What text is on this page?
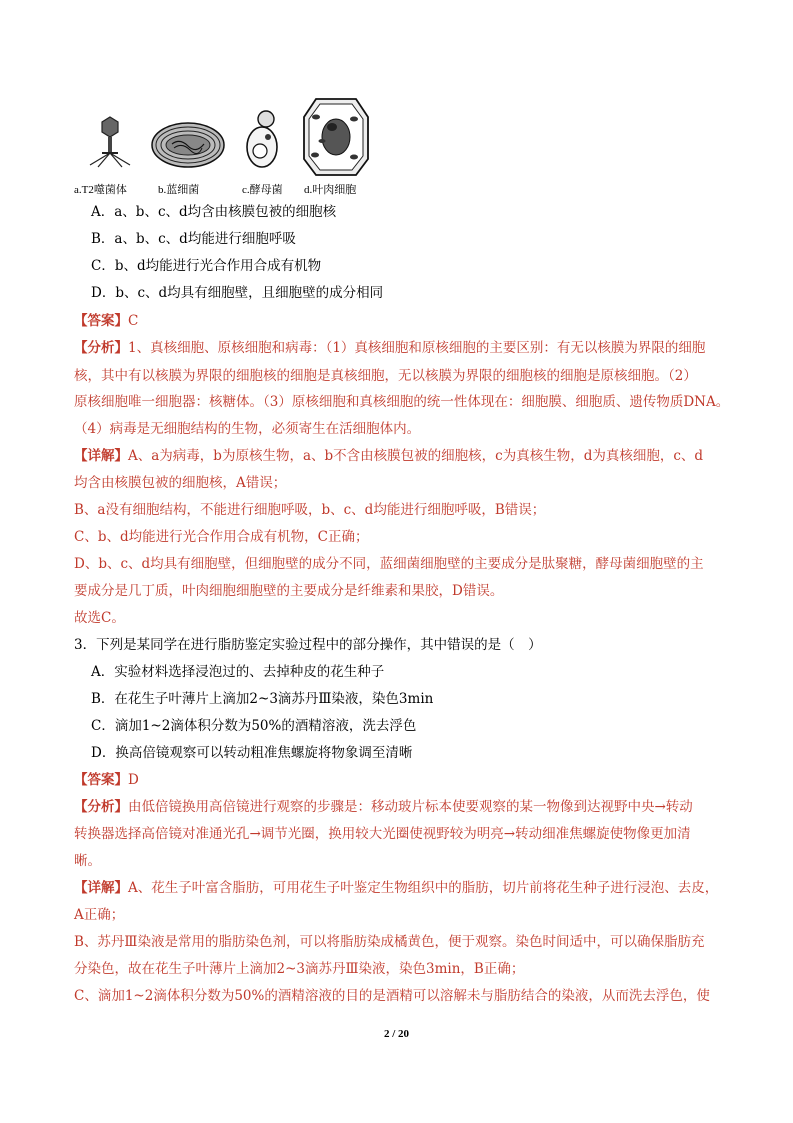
a.T2噬菌体	b.蓝细菌	c.酵母菌 d.叶肉细胞
A．a、b、c、d均含由核膜包被的细胞核
B．a、b、c、d均能进行细胞呼吸
C．b、d均能进行光合作用合成有机物
D．b、c、d均具有细胞壁，且细胞壁的成分相同
【答案】C
【分析】1、真核细胞、原核细胞和病毒：（1）真核细胞和原核细胞的主要区别：有无以核膜为界限的细胞
核，其中有以核膜为界限的细胞核的细胞是真核细胞，无以核膜为界限的细胞核的细胞是原核细胞。（2）
原核细胞唯一细胞器：核糖体。（3）原核细胞和真核细胞的统一性体现在：细胞膜、细胞质、遗传物质DNA。
（4）病毒是无细胞结构的生物，必须寄生在活细胞体内。
【详解】A、a为病毒，b为原核生物，a、b不含由核膜包被的细胞核，c为真核生物，d为真核细胞，c、d
均含由核膜包被的细胞核，A错误；
B、a没有细胞结构，不能进行细胞呼吸，b、c、d均能进行细胞呼吸，B错误；
C、b、d均能进行光合作用合成有机物，C正确；
D、b、c、d均具有细胞壁，但细胞壁的成分不同，蓝细菌细胞壁的主要成分是肽聚糖，酵母菌细胞壁的主
要成分是几丁质，叶肉细胞细胞壁的主要成分是纤维素和果胶，D错误。
故选C。
3．下列是某同学在进行脂肪鉴定实验过程中的部分操作，其中错误的是（　）
A．实验材料选择浸泡过的、去掉种皮的花生种子
B．在花生子叶薄片上滴加2~3滴苏丹Ⅲ染液，染色3min
C．滴加1~2滴体积分数为50%的酒精溶液，洗去浮色
D．换高倍镜观察可以转动粗准焦螺旋将物象调至清晰
【答案】D
【分析】由低倍镜换用高倍镜进行观察的步骤是：移动玻片标本使要观察的某一物像到达视野中央→转动
转换器选择高倍镜对准通光孔→调节光圈，换用较大光圈使视野较为明亮→转动细准焦螺旋使物像更加清
晰。
【详解】A、花生子叶富含脂肪，可用花生子叶鉴定生物组织中的脂肪，切片前将花生种子进行浸泡、去皮，
A正确；
B、苏丹Ⅲ染液是常用的脂肪染色剂，可以将脂肪染成橘黄色，便于观察。染色时间适中，可以确保脂肪充
分染色，故在花生子叶薄片上滴加2~3滴苏丹Ⅲ染液，染色3min，B正确；
C、滴加1~2滴体积分数为50%的酒精溶液的目的是酒精可以溶解未与脂肪结合的染液，从而洗去浮色，使
2 / 20
